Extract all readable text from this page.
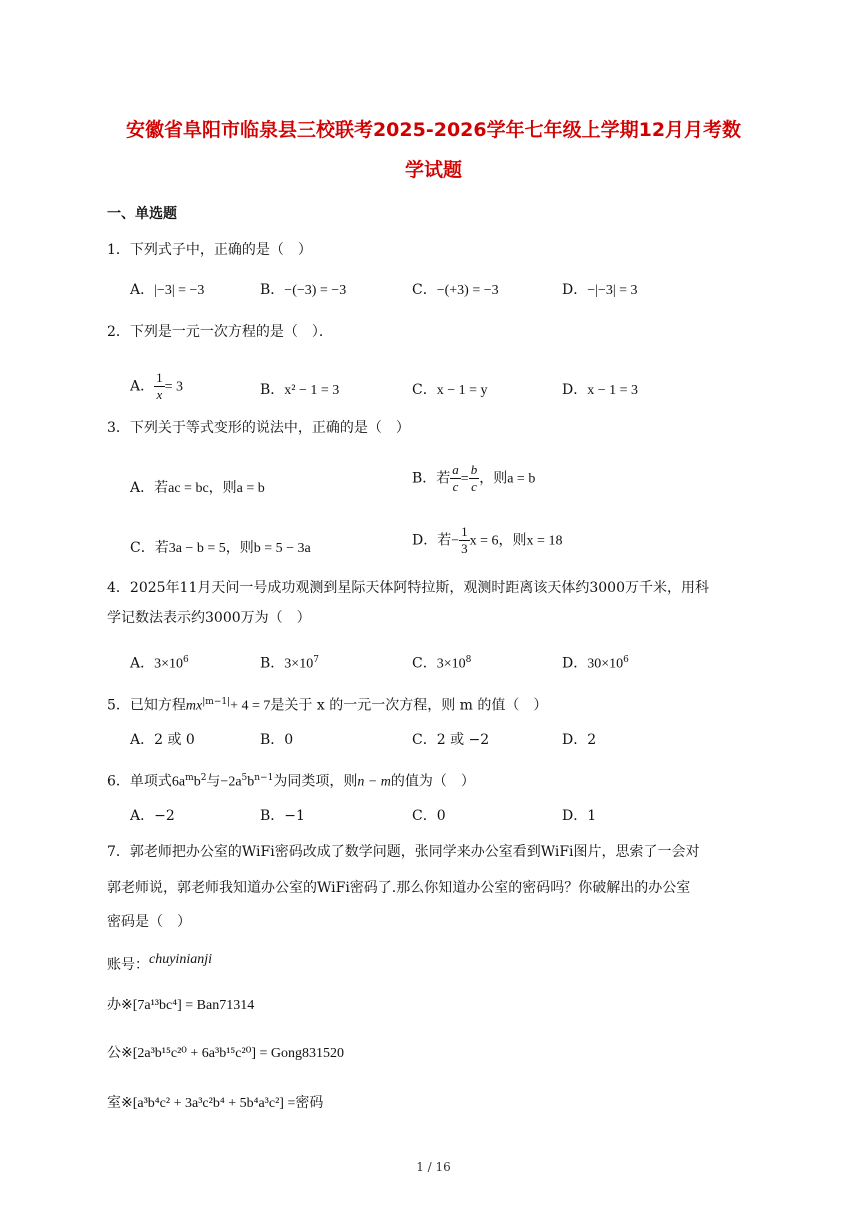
安徽省阜阳市临泉县三校联考2025-2026学年七年级上学期12月月考数
学试题
一、单选题
1．下列式子中，正确的是（　）
A．|−3| = −3	B．−(−3) = −3	C．−(+3) = −3	D．−|−3| = 3
2．下列是一元一次方程的是（　）．
A． $\frac{1}{x} = 3$	B．x² − 1 = 3	C．x − 1 = y	D．x − 1 = 3
3．下列关于等式变形的说法中，正确的是（　）
A．若ac = bc，则a = b
B．若 $\frac{a}{c} = \frac{b}{c}$ ，则a = b
C．若3a − b = 5，则b = 5 − 3a	D．若− $\frac{1}{3}$ x = 6，则x = 18
4．2025年11月天问一号成功观测到星际天体阿特拉斯，观测时距离该天体约3000万千米，用科
学记数法表示约3000万为（　）
A．$3\times 10^6$	B．$3\times 10^7$	C．$3\times 10^8$	D．$30\times 10^6$
5．已知方程$mx^{|m-1|}+ 4 = 7$是关于 x 的一元一次方程，则 m 的值（　）
A．2 或 0	B．0	C．2 或 −2	D．2
6．单项式$6a^mb^2$与$-2a^5b^{n-1}$为同类项，则n − m的值为（　）
A．−2	B．−1	C．0	D．1
7．郭老师把办公室的WiFi密码改成了数学问题，张同学来办公室看到WiFi图片，思索了一会对
郭老师说，郭老师我知道办公室的WiFi密码了.那么你知道办公室的密码吗？你破解出的办公室
密码是（　）
账号：chuyinianji
办※[7a¹³bc⁴] = Ban71314
公※[2a³b¹⁵c²⁰ + 6a³b¹⁵c²⁰] = Gong831520
室※[a³b⁴c² + 3a³c²b⁴ + 5b⁴a³c²] =密码
1 / 16
